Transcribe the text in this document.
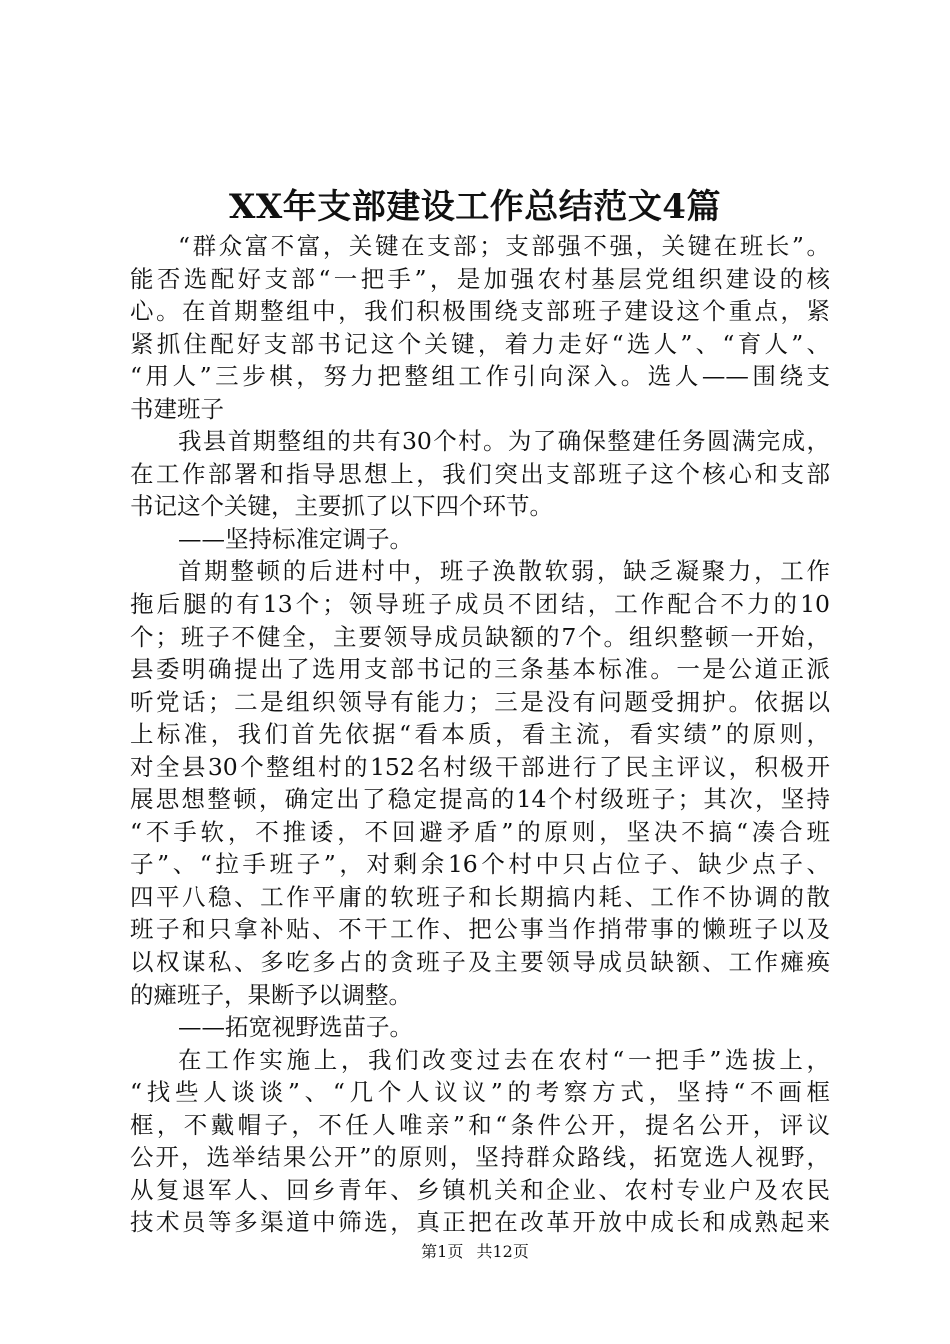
XX年支部建设工作总结范文4篇
“群众富不富，关键在支部；支部强不强，关键在班长”。
能否选配好支部“一把手”，是加强农村基层党组织建设的核
心。在首期整组中，我们积极围绕支部班子建设这个重点，紧
紧抓住配好支部书记这个关键，着力走好“选人”、“育人”、
“用人”三步棋，努力把整组工作引向深入。选人——围绕支
书建班子
我县首期整组的共有30个村。为了确保整建任务圆满完成，
在工作部署和指导思想上，我们突出支部班子这个核心和支部
书记这个关键，主要抓了以下四个环节。
——坚持标准定调子。
首期整顿的后进村中，班子涣散软弱，缺乏凝聚力，工作
拖后腿的有13个；领导班子成员不团结，工作配合不力的10
个；班子不健全，主要领导成员缺额的7个。组织整顿一开始，
县委明确提出了选用支部书记的三条基本标准。一是公道正派
听党话；二是组织领导有能力；三是没有问题受拥护。依据以
上标准，我们首先依据“看本质，看主流，看实绩”的原则，
对全县30个整组村的152名村级干部进行了民主评议，积极开
展思想整顿，确定出了稳定提高的14个村级班子；其次，坚持
“不手软，不推诿，不回避矛盾”的原则，坚决不搞“凑合班
子”、“拉手班子”，对剩余16个村中只占位子、缺少点子、
四平八稳、工作平庸的软班子和长期搞内耗、工作不协调的散
班子和只拿补贴、不干工作、把公事当作捎带事的懒班子以及
以权谋私、多吃多占的贪班子及主要领导成员缺额、工作瘫痪
的瘫班子，果断予以调整。
——拓宽视野选苗子。
在工作实施上，我们改变过去在农村“一把手”选拔上，
“找些人谈谈”、“几个人议议”的考察方式，坚持“不画框
框，不戴帽子，不任人唯亲”和“条件公开，提名公开，评议
公开，选举结果公开”的原则，坚持群众路线，拓宽选人视野，
从复退军人、回乡青年、乡镇机关和企业、农村专业户及农民
技术员等多渠道中筛选，真正把在改革开放中成长和成熟起来
第1页 共12页
